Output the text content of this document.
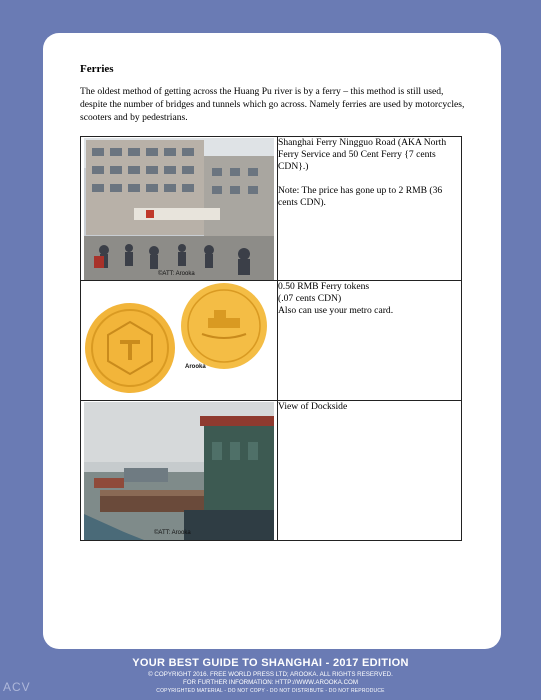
Ferries
The oldest method of getting across the Huang Pu river is by a ferry – this method is still used, despite the number of bridges and tunnels which go across. Namely ferries are used by motorcycles, scooters and by pedestrians.
©ATT: Arooka	Shanghai Ferry Ningguo Road (AKA North Ferry Service and 50 Cent Ferry {7 cents CDN}.)
Note: The price has gone up to 2 RMB (36 cents CDN).

Arooka	0.50 RMB Ferry tokens
(.07 cents CDN)
Also can use your metro card.

©ATT: Arooka	View of Dockside
YOUR BEST GUIDE TO SHANGHAI - 2017 EDITION
© COPYRIGHT 2016. FREE WORLD PRESS LTD; AROOKA. ALL RIGHTS RESERVED.
FOR FURTHER INFORMATION: HTTP://WWW.AROOKA.COM
COPYRIGHTED MATERIAL - DO NOT COPY - DO NOT DISTRIBUTE - DO NOT REPRODUCE
ACV
